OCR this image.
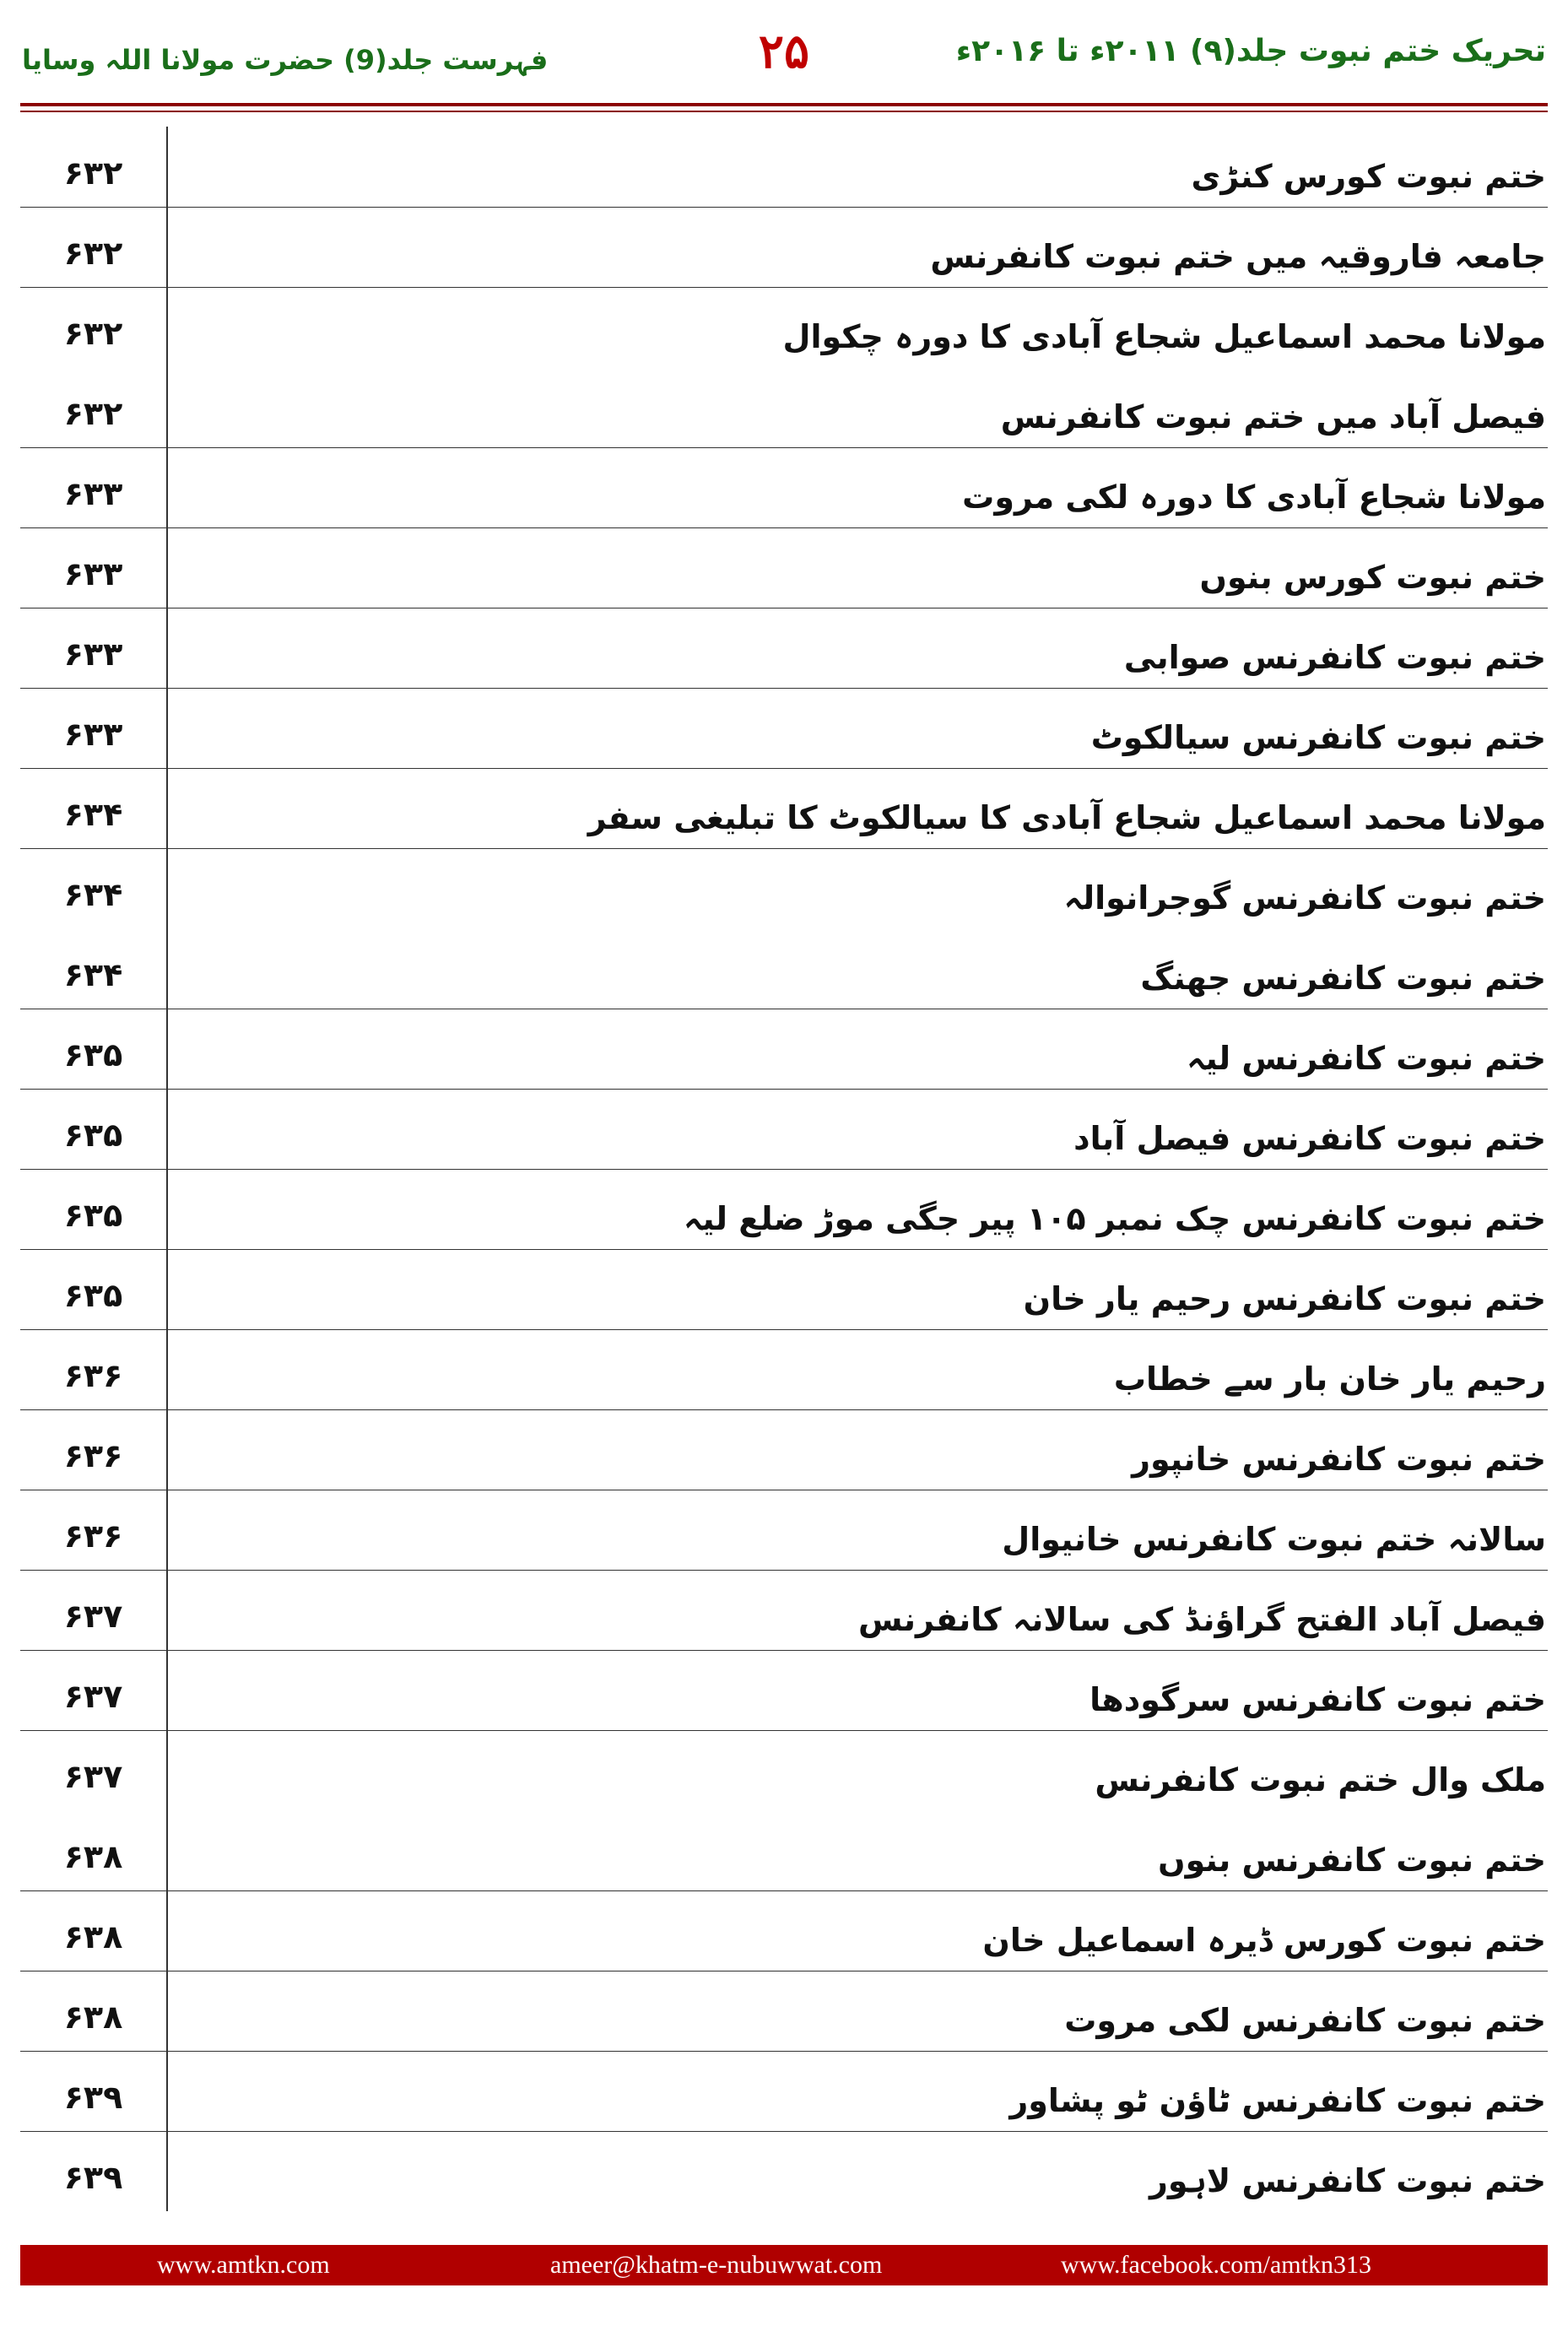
تحریک ختم نبوت جلد(۹) ۲۰۱۱ء تا ۲۰۱۶ء
۲۵
فہرست جلد(9) حضرت مولانا اللہ وسایا
۶۳۲	ختم نبوت کورس کنڑی
۶۳۲	جامعہ فاروقیہ میں ختم نبوت کانفرنس
۶۳۲	مولانا محمد اسماعیل شجاع آبادی کا دورہ چکوال
۶۳۲	فیصل آباد میں ختم نبوت کانفرنس
۶۳۳	مولانا شجاع آبادی کا دورہ لکی مروت
۶۳۳	ختم نبوت کورس بنوں
۶۳۳	ختم نبوت کانفرنس صوابی
۶۳۳	ختم نبوت کانفرنس سیالکوٹ
۶۳۴	مولانا محمد اسماعیل شجاع آبادی کا سیالکوٹ کا تبلیغی سفر
۶۳۴	ختم نبوت کانفرنس گوجرانوالہ
۶۳۴	ختم نبوت کانفرنس جھنگ
۶۳۵	ختم نبوت کانفرنس لیہ
۶۳۵	ختم نبوت کانفرنس فیصل آباد
۶۳۵	ختم نبوت کانفرنس چک نمبر ۱۰۵ پیر جگی موڑ ضلع لیہ
۶۳۵	ختم نبوت کانفرنس رحیم یار خان
۶۳۶	رحیم یار خان بار سے خطاب
۶۳۶	ختم نبوت کانفرنس خانپور
۶۳۶	سالانہ ختم نبوت کانفرنس خانیوال
۶۳۷	فیصل آباد الفتح گراؤنڈ کی سالانہ کانفرنس
۶۳۷	ختم نبوت کانفرنس سرگودھا
۶۳۷	ملک وال ختم نبوت کانفرنس
۶۳۸	ختم نبوت کانفرنس بنوں
۶۳۸	ختم نبوت کورس ڈیرہ اسماعیل خان
۶۳۸	ختم نبوت کانفرنس لکی مروت
۶۳۹	ختم نبوت کانفرنس ٹاؤن ٹو پشاور
۶۳۹	ختم نبوت کانفرنس لاہور
www.amtkn.com	ameer@khatm-e-nubuwwat.com	www.facebook.com/amtkn313
